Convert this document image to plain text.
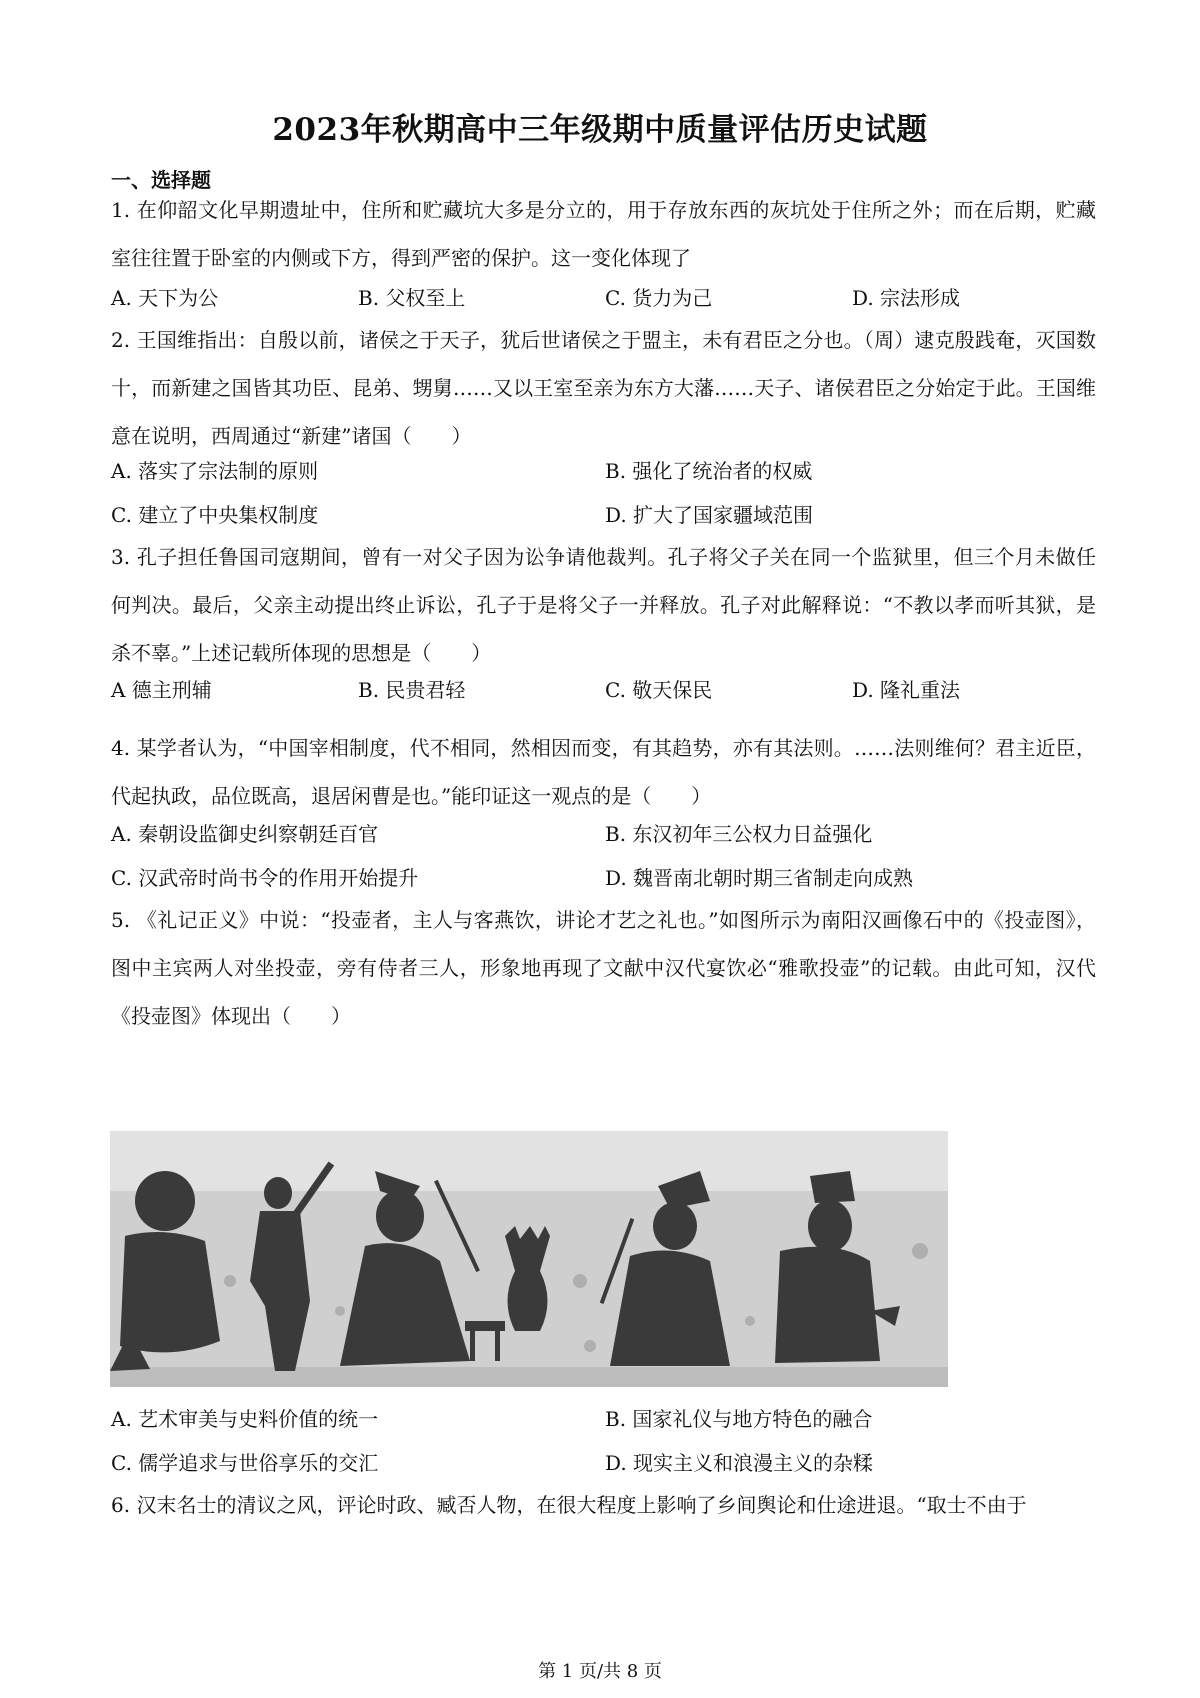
2023年秋期高中三年级期中质量评估历史试题
一、选择题
1. 在仰韶文化早期遗址中，住所和贮藏坑大多是分立的，用于存放东西的灰坑处于住所之外；而在后期，贮藏室往往置于卧室的内侧或下方，得到严密的保护。这一变化体现了
A. 天下为公	B. 父权至上	C. 货力为己	D. 宗法形成
2. 王国维指出：自殷以前，诸侯之于天子，犹后世诸侯之于盟主，未有君臣之分也。（周）逮克殷践奄，灭国数十，而新建之国皆其功臣、昆弟、甥舅……又以王室至亲为东方大藩……天子、诸侯君臣之分始定于此。王国维意在说明，西周通过“新建”诸国（　　）
A. 落实了宗法制的原则	B. 强化了统治者的权威
C. 建立了中央集权制度	D. 扩大了国家疆域范围
3. 孔子担任鲁国司寇期间，曾有一对父子因为讼争请他裁判。孔子将父子关在同一个监狱里，但三个月未做任何判决。最后，父亲主动提出终止诉讼，孔子于是将父子一并释放。孔子对此解释说：“不教以孝而听其狱，是杀不辜。”上述记载所体现的思想是（　　）
A 德主刑辅	B. 民贵君轻	C. 敬天保民	D. 隆礼重法
4. 某学者认为，“中国宰相制度，代不相同，然相因而变，有其趋势，亦有其法则。……法则维何？君主近臣，代起执政，品位既高，退居闲曹是也。”能印证这一观点的是（　　）
A. 秦朝设监御史纠察朝廷百官	B. 东汉初年三公权力日益强化
C. 汉武帝时尚书令的作用开始提升	D. 魏晋南北朝时期三省制走向成熟
5. 《礼记正义》中说：“投壶者，主人与客燕饮，讲论才艺之礼也。”如图所示为南阳汉画像石中的《投壶图》，图中主宾两人对坐投壶，旁有侍者三人，形象地再现了文献中汉代宴饮必“雅歌投壶”的记载。由此可知，汉代《投壶图》体现出（　　）
A. 艺术审美与史料价值的统一	B. 国家礼仪与地方特色的融合
C. 儒学追求与世俗享乐的交汇	D. 现实主义和浪漫主义的杂糅
6. 汉末名士的清议之风，评论时政、臧否人物，在很大程度上影响了乡间舆论和仕途进退。“取士不由于
第 1 页/共 8 页
